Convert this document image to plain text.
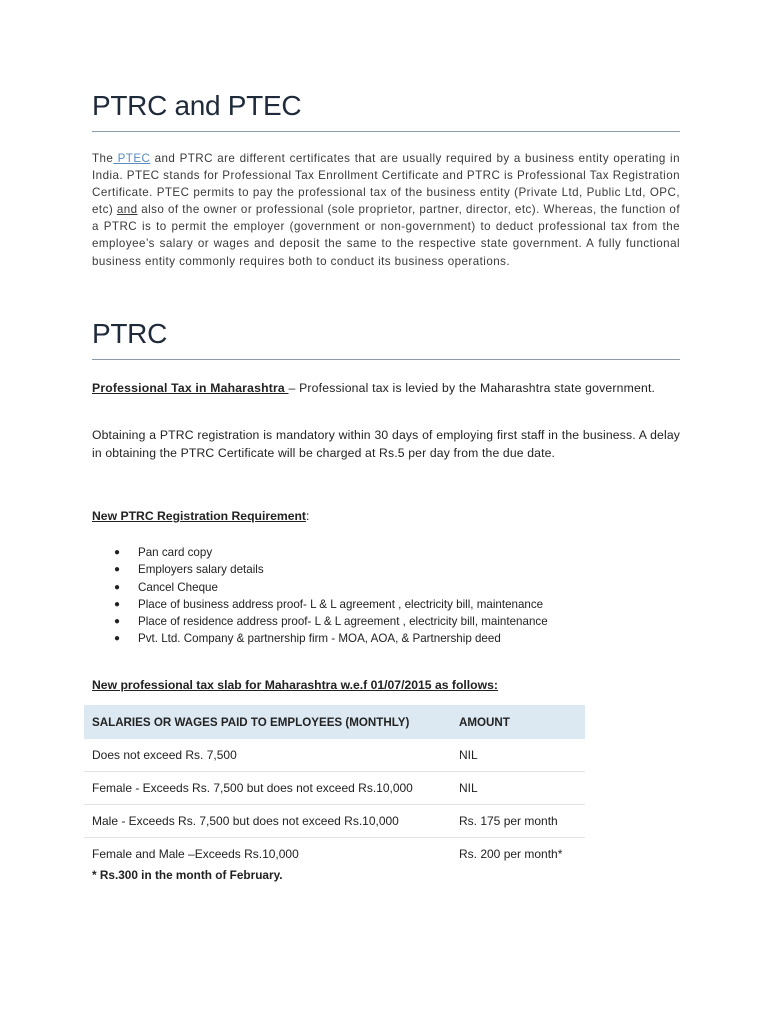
PTRC and PTEC

The PTEC and PTRC are different certificates that are usually required by a business entity operating in India. PTEC stands for Professional Tax Enrollment Certificate and PTRC is Professional Tax Registration Certificate. PTEC permits to pay the professional tax of the business entity (Private Ltd, Public Ltd, OPC, etc) and also of the owner or professional (sole proprietor, partner, director, etc). Whereas, the function of a PTRC is to permit the employer (government or non-government) to deduct professional tax from the employee’s salary or wages and deposit the same to the respective state government. A fully functional business entity commonly requires both to conduct its business operations.

PTRC

Professional Tax in Maharashtra – Professional tax is levied by the Maharashtra state government.

Obtaining a PTRC registration is mandatory within 30 days of employing first staff in the business. A delay in obtaining the PTRC Certificate will be charged at Rs.5 per day from the due date.

New PTRC Registration Requirement:

● Pan card copy
● Employers salary details
● Cancel Cheque
● Place of business address proof- L & L agreement , electricity bill, maintenance
● Place of residence address proof- L & L agreement , electricity bill, maintenance
● Pvt. Ltd. Company & partnership firm - MOA, AOA, & Partnership deed

New professional tax slab for Maharashtra w.e.f 01/07/2015 as follows:

SALARIES OR WAGES PAID TO EMPLOYEES (MONTHLY)	AMOUNT
Does not exceed Rs. 7,500	NIL
Female - Exceeds Rs. 7,500 but does not exceed Rs.10,000	NIL
Male - Exceeds Rs. 7,500 but does not exceed Rs.10,000	Rs. 175 per month
Female and Male –Exceeds Rs.10,000	Rs. 200 per month*

* Rs.300 in the month of February.
